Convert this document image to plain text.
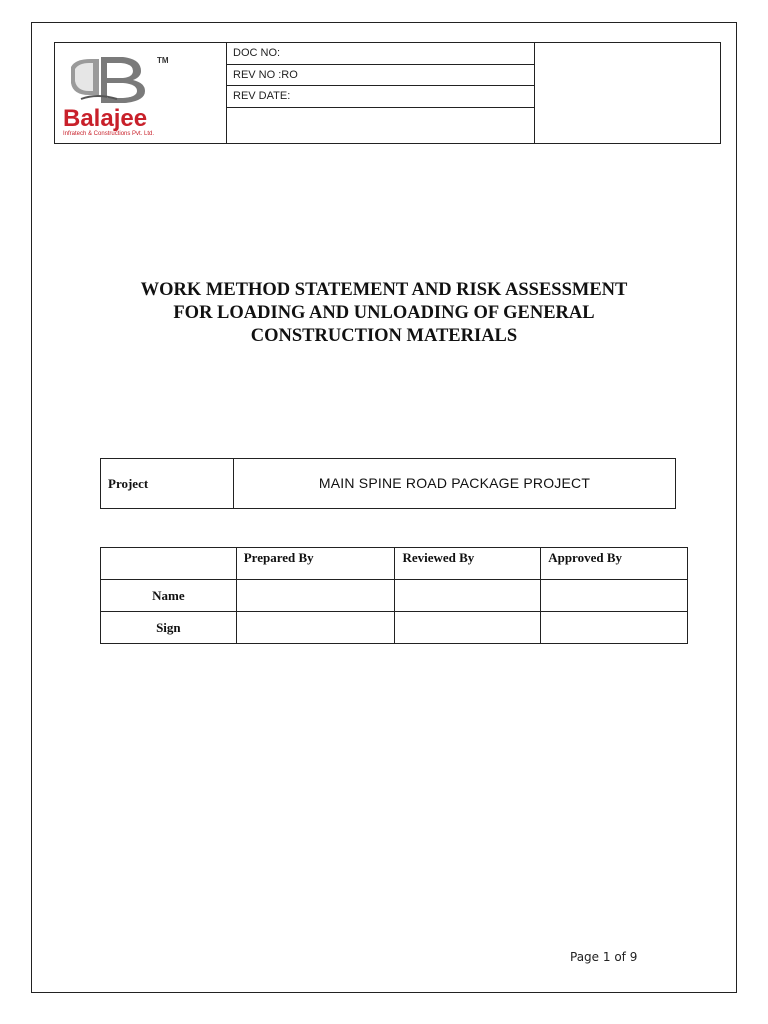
TM
Balajee
Infratech & Constructions Pvt. Ltd.
DOC NO:
REV NO :RO
REV DATE:
WORK METHOD STATEMENT AND RISK ASSESSMENT
FOR LOADING AND UNLOADING OF GENERAL
CONSTRUCTION MATERIALS
Project	MAIN SPINE ROAD PACKAGE PROJECT
	Prepared By	Reviewed By	Approved By
Name			
Sign			
Page 1 of 9
